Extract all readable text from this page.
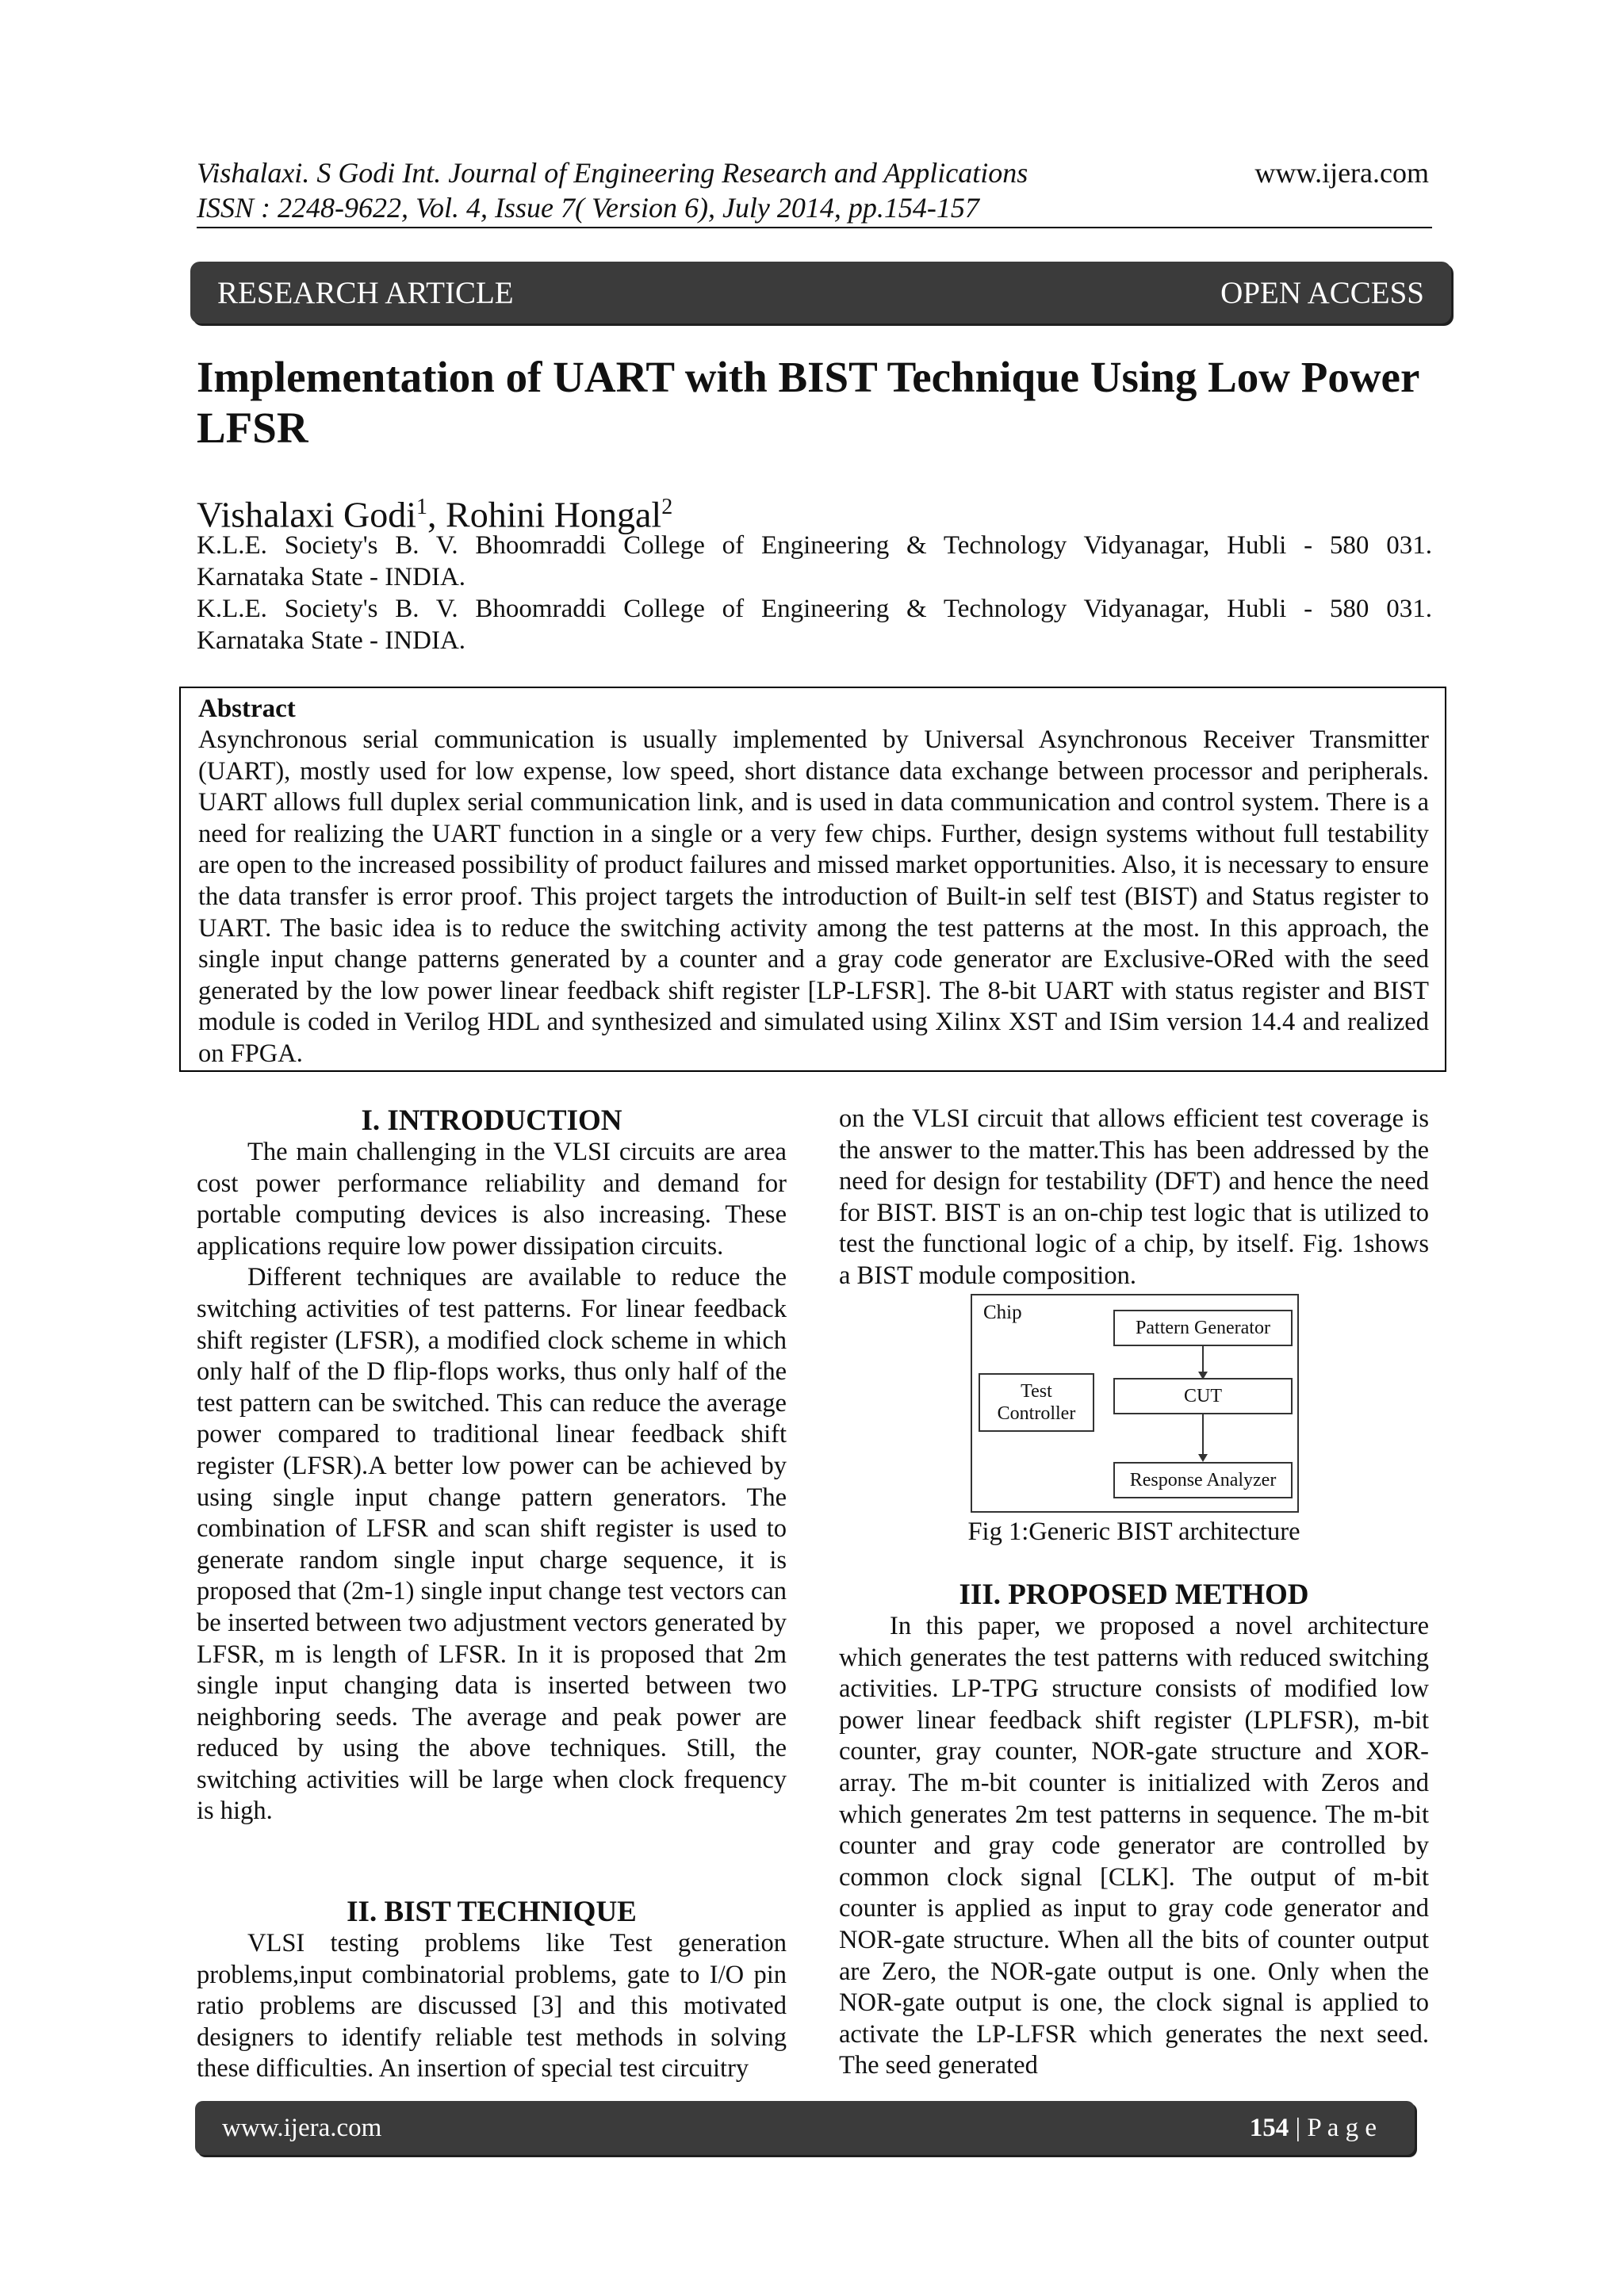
Vishalaxi. S Godi Int. Journal of Engineering Research and Applications
ISSN : 2248-9622, Vol. 4, Issue 7( Version 6), July 2014, pp.154-157
www.ijera.com
RESEARCH ARTICLE	OPEN ACCESS
Implementation of UART with BIST Technique Using Low Power LFSR
Vishalaxi Godi$^1$, Rohini Hongal$^2$
K.L.E. Society's B. V. Bhoomraddi College of Engineering & Technology Vidyanagar, Hubli - 580 031.
Karnataka State - INDIA.
K.L.E. Society's B. V. Bhoomraddi College of Engineering & Technology Vidyanagar, Hubli - 580 031.
Karnataka State - INDIA.
Abstract

Asynchronous serial communication is usually implemented by Universal Asynchronous Receiver Transmitter (UART), mostly used for low expense, low speed, short distance data exchange between processor and peripherals. UART allows full duplex serial communication link, and is used in data communication and control system. There is a need for realizing the UART function in a single or a very few chips. Further, design systems without full testability are open to the increased possibility of product failures and missed market opportunities. Also, it is necessary to ensure the data transfer is error proof. This project targets the introduction of Built-in self test (BIST) and Status register to UART. The basic idea is to reduce the switching activity among the test patterns at the most. In this approach, the single input change patterns generated by a counter and a gray code generator are Exclusive-ORed with the seed generated by the low power linear feedback shift register [LP-LFSR]. The 8-bit UART with status register and BIST module is coded in Verilog HDL and synthesized and simulated using Xilinx XST and ISim version 14.4 and realized on FPGA.

I. INTRODUCTION

The main challenging in the VLSI circuits are area cost power performance reliability and demand for portable computing devices is also increasing. These applications require low power dissipation circuits.

Different techniques are available to reduce the switching activities of test patterns. For linear feedback shift register (LFSR), a modified clock scheme in which only half of the D flip-flops works, thus only half of the test pattern can be switched. This can reduce the average power compared to traditional linear feedback shift register (LFSR).A better low power can be achieved by using single input change pattern generators. The combination of LFSR and scan shift register is used to generate random single input charge sequence, it is proposed that (2m-1) single input change test vectors can be inserted between two adjustment vectors generated by LFSR, m is length of LFSR. In it is proposed that 2m single input changing data is inserted between two neighboring seeds. The average and peak power are reduced by using the above techniques. Still, the switching activities will be large when clock frequency is high.

II. BIST TECHNIQUE

VLSI testing problems like Test generation problems,input combinatorial problems, gate to I/O pin ratio problems are discussed [3] and this motivated designers to identify reliable test methods in solving these difficulties. An insertion of special test circuitry

on the VLSI circuit that allows efficient test coverage is the answer to the matter.This has been addressed by the need for design for testability (DFT) and hence the need for BIST. BIST is an on-chip test logic that is utilized to test the functional logic of a chip, by itself. Fig. 1shows a BIST module composition.

Chip
Pattern Generator
Test Controller
CUT
Response Analyzer
Fig 1:Generic BIST architecture
III. PROPOSED METHOD

In this paper, we proposed a novel architecture which generates the test patterns with reduced switching activities. LP-TPG structure consists of modified low power linear feedback shift register (LPLFSR), m-bit counter, gray counter, NOR-gate structure and XOR-array. The m-bit counter is initialized with Zeros and which generates 2m test patterns in sequence. The m-bit counter and gray code generator are controlled by common clock signal [CLK]. The output of m-bit counter is applied as input to gray code generator and NOR-gate structure. When all the bits of counter output are Zero, the NOR-gate output is one. Only when the NOR-gate output is one, the clock signal is applied to activate the LP-LFSR which generates the next seed. The seed generated

www.ijera.com	154 | P a g e
